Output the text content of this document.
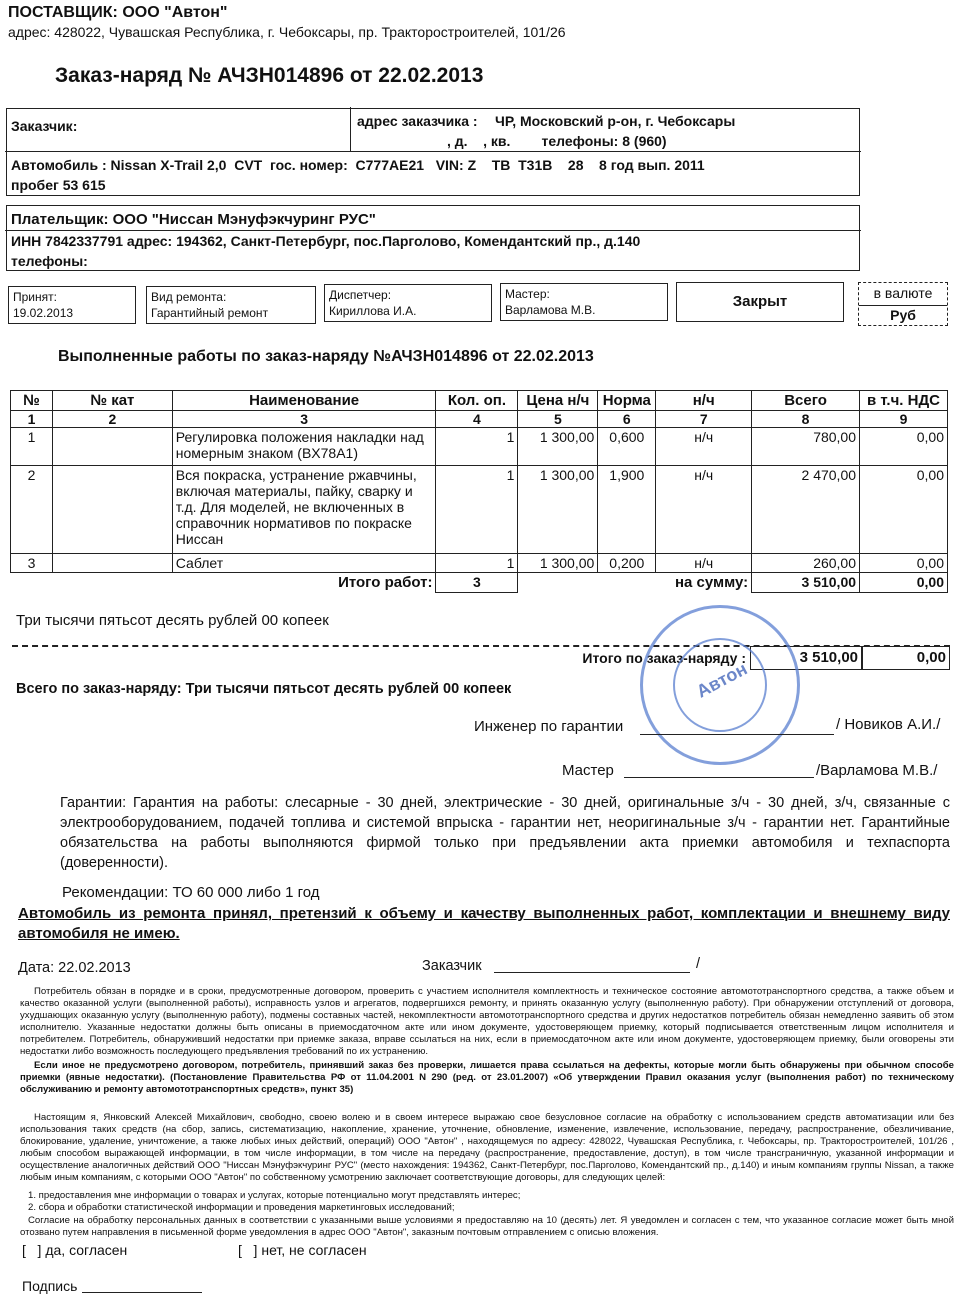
ПОСТАВЩИК: ООО "Автон"
адрес: 428022, Чувашская Республика, г. Чебоксары, пр. Тракторостроителей, 101/26
Заказ-наряд № АЧЗН014896 от 22.02.2013
Заказчик:	адрес заказчика : ЧР, Московский р-он, г. Чебоксары
, д.    , кв.        телефоны: 8 (960)
Автомобиль : Nissan X-Trail 2,0  CVT  гос. номер:  С777АЕ21   VIN: Z    TB  T31B    28    8 год вып. 2011
пробег 53 615
Плательщик: ООО "Ниссан Мэнуфэкчуринг РУС"
ИНН 7842337791 адрес: 194362, Санкт-Петербург, пос.Парголово, Комендантский пр., д.140
телефоны:
Принят:
19.02.2013
Вид ремонта:
Гарантийный ремонт
Диспетчер:
Кириллова И.А.
Мастер:
Варламова М.В.	Закрыт	в валюте
Руб
Выполненные работы по заказ-наряду №АЧЗН014896 от 22.02.2013
№	№ кат	Наименование	Кол. оп.	Цена н/ч	Норма	н/ч	Всего	в т.ч. НДС
1	2	3	4	5	6	7	8	9
1		Регулировка положения накладки над номерным знаком (BX78A1)	1	1 300,00	0,600	н/ч	780,00	0,00
2		Вся покраска, устранение ржавчины, включая материалы, пайку, сварку и т.д. Для моделей, не включенных в справочник нормативов по покраске Ниссан	1	1 300,00	1,900	н/ч	2 470,00	0,00
3		Саблет	1	1 300,00	0,200	н/ч	260,00	0,00
Итого работ:			3	на сумму:			3 510,00	0,00
Три тысячи пятьсот десять рублей 00 копеек
Итого по заказ-наряду :	3 510,00	0,00
Всего по заказ-наряду: Три тысячи пятьсот десять рублей 00 копеек	Автон
Инженер по гарантии	/ Новиков А.И./
Мастер	/Варламова М.В./
Гарантии: Гарантия на работы: слесарные - 30 дней, электрические - 30 дней, оригинальные з/ч - 30 дней, з/ч, связанные с электрооборудованием, подачей топлива и системой впрыска - гарантии нет, неоригинальные з/ч - гарантии нет. Гарантийные обязательства на работы выполняются фирмой только при предъявлении акта приемки автомобиля и техпаспорта (доверенности).
Рекомендации: ТО 60 000 либо 1 год
Автомобиль из ремонта принял, претензий к объему и качеству выполненных работ, комплектации и внешнему виду автомобиля не имею.
Дата: 22.02.2013	Заказчик	/
Потребитель обязан в порядке и в сроки, предусмотренные договором, проверить с участием исполнителя комплектность и техническое состояние автомототранспортного средства, а также объем и качество оказанной услуги (выполненной работы), исправность узлов и агрегатов, подвергшихся ремонту, и принять оказанную услугу (выполненную работу). При обнаружении отступлений от договора, ухудшающих оказанную услугу (выполненную работу), подмены составных частей, некомплектности автомототранспортного средства и других недостатков потребитель обязан немедленно заявить об этом исполнителю. Указанные недостатки должны быть описаны в приемосдаточном акте или ином документе, удостоверяющем приемку, который подписывается ответственным лицом исполнителя и потребителем. Потребитель, обнаруживший недостатки при приемке заказа, вправе ссылаться на них, если в приемосдаточном акте или ином документе, удостоверяющем приемку, были оговорены эти недостатки либо возможность последующего предъявления требований по их устранению.
Если иное не предусмотрено договором, потребитель, принявший заказ без проверки, лишается права ссылаться на дефекты, которые могли быть обнаружены при обычном способе приемки (явные недостатки). (Постановление Правительства РФ от 11.04.2001 N 290 (ред. от 23.01.2007) «Об утверждении Правил оказания услуг (выполнения работ) по техническому обслуживанию и ремонту автомототранспортных средств», пункт 35)
Настоящим я, Янковский Алексей Михайлович, свободно, своею волею и в своем интересе выражаю свое безусловное согласие на обработку с использованием средств автоматизации или без использования таких средств (на сбор, запись, систематизацию, накопление, хранение, уточнение, обновление, изменение, извлечение, использование, передачу, распространение, обезличивание, блокирование, удаление, уничтожение, а также любых иных действий, операций) ООО "Автон" , находящемуся по адресу: 428022, Чувашская Республика, г. Чебоксары, пр. Тракторостроителей, 101/26 , любым способом выражающей информации, в том числе информации, в том числе на передачу (распространение, предоставление, доступ), в том числе трансграничную, указанной информации и осуществление аналогичных действий ООО "Ниссан Мэнуфэкчуринг РУС" (место нахождения: 194362, Санкт-Петербург, пос.Парголово, Комендантский пр., д.140) и иным компаниям группы Nissan, а также любым иным компаниям, с которыми ООО "Автон" по собственному усмотрению заключает соответствующие договоры, для следующих целей:
1. предоставления мне информации о товарах и услугах, которые потенциально могут представлять интерес;
2. сбора и обработки статистической информации и проведения маркетинговых исследований;
Согласие на обработку персональных данных в соответствии с указанными выше условиями я предоставляю на 10 (десять) лет. Я уведомлен и согласен с тем, что указанное согласие может быть мной отозвано путем направления в письменной форме уведомления в адрес ООО "Автон", заказным почтовым отправлением с описью вложения.
[   ] да, согласен	[   ] нет, не согласен
Подпись
